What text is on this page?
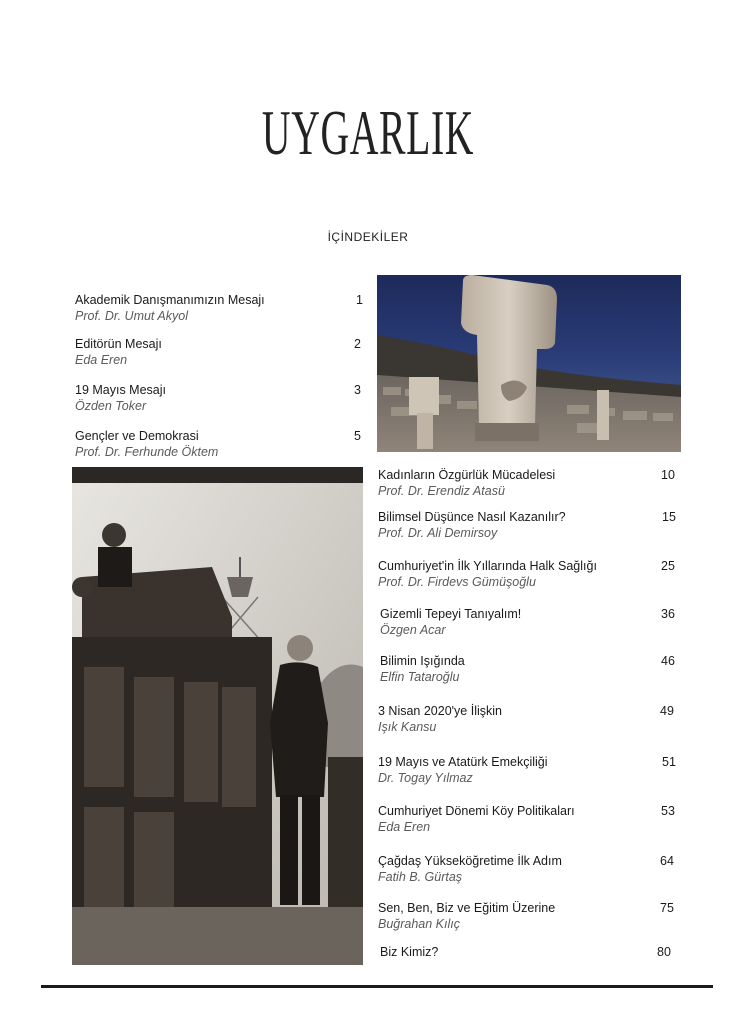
UYGARLIK
İÇİNDEKİLER
Akademik Danışmanımızın Mesajı
Prof. Dr. Umut Akyol
1
Editörün Mesajı
Eda Eren
2
19 Mayıs Mesajı
Özden Toker
3
Gençler ve Demokrasi
Prof. Dr. Ferhunde Öktem
5
Kadınların Özgürlük Mücadelesi
Prof. Dr. Erendiz Atasü
10
Bilimsel Düşünce Nasıl Kazanılır?
Prof. Dr. Ali Demirsoy
15
Cumhuriyet'in İlk Yıllarında Halk Sağlığı
Prof. Dr. Firdevs Gümüşoğlu
25
Gizemli Tepeyi Tanıyalım!
Özgen Acar
36
Bilimin Işığında
Elfin Tataroğlu
46
3 Nisan 2020'ye İlişkin
Işık Kansu
49
19 Mayıs ve Atatürk Emekçiliği
Dr. Togay Yılmaz
51
Cumhuriyet Dönemi Köy Politikaları
Eda Eren
53
Çağdaş Yükseköğretime İlk Adım
Fatih B. Gürtaş
64
Sen, Ben, Biz ve Eğitim Üzerine
Buğrahan Kılıç
75
Biz Kimiz?	80
